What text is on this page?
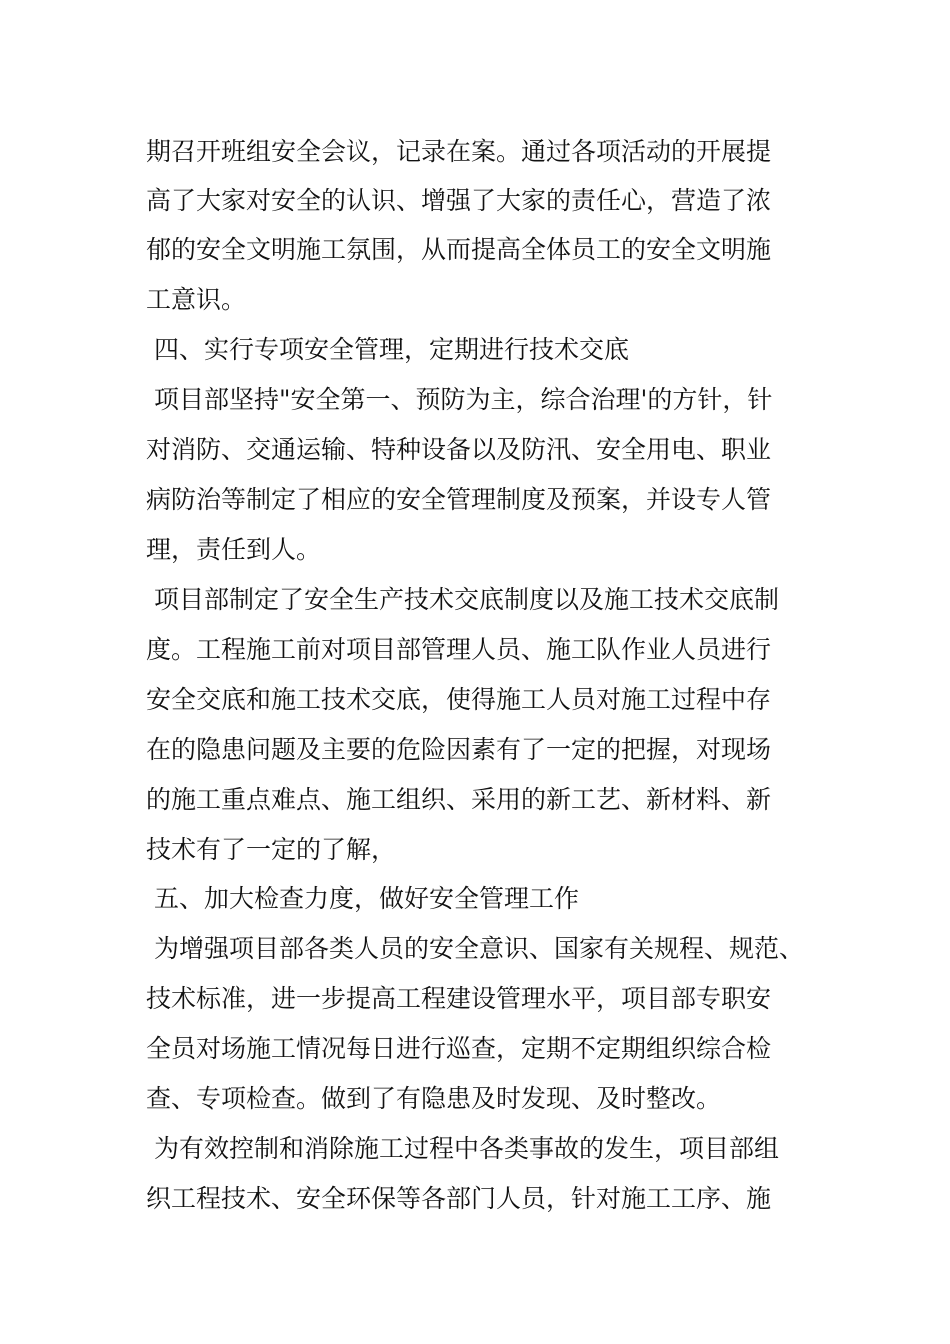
期召开班组安全会议，记录在案。通过各项活动的开展提
高了大家对安全的认识、增强了大家的责任心，营造了浓
郁的安全文明施工氛围，从而提高全体员工的安全文明施
工意识。
四、实行专项安全管理，定期进行技术交底
项目部坚持"安全第一、预防为主，综合治理'的方针，针
对消防、交通运输、特种设备以及防汛、安全用电、职业
病防治等制定了相应的安全管理制度及预案，并设专人管
理，责任到人。
项目部制定了安全生产技术交底制度以及施工技术交底制
度。工程施工前对项目部管理人员、施工队作业人员进行
安全交底和施工技术交底，使得施工人员对施工过程中存
在的隐患问题及主要的危险因素有了一定的把握，对现场
的施工重点难点、施工组织、采用的新工艺、新材料、新
技术有了一定的了解，
五、加大检查力度，做好安全管理工作
为增强项目部各类人员的安全意识、国家有关规程、规范、
技术标准，进一步提高工程建设管理水平，项目部专职安
全员对场施工情况每日进行巡查，定期不定期组织综合检
查、专项检查。做到了有隐患及时发现、及时整改。
为有效控制和消除施工过程中各类事故的发生，项目部组
织工程技术、安全环保等各部门人员，针对施工工序、施
